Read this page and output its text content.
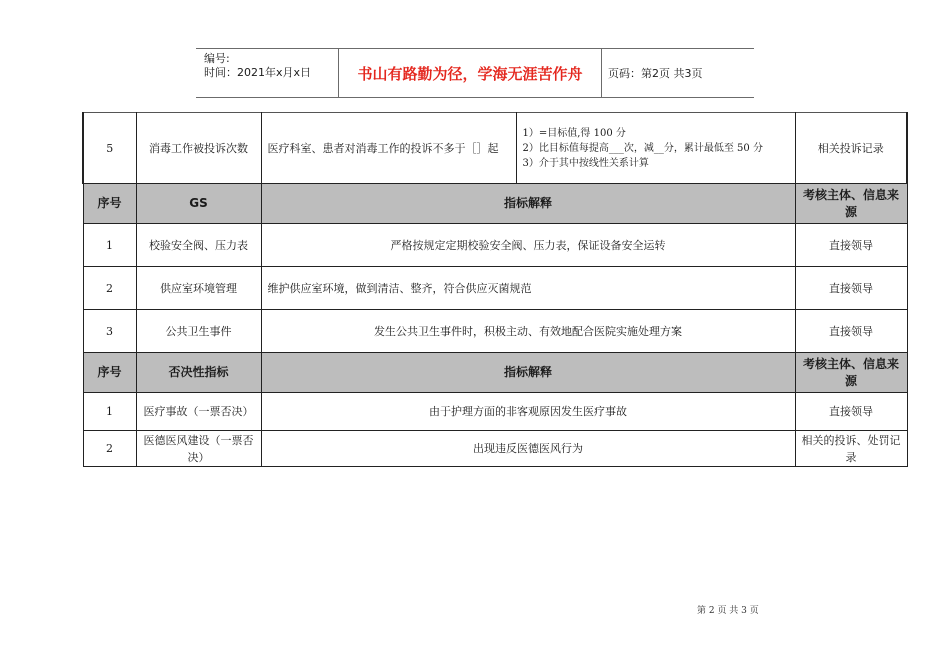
编号:
时间：2021年x月x日	书山有路勤为径，学海无涯苦作舟	页码：第2页 共3页
5	消毒工作被投诉次数	医疗科室、患者对消毒工作的投诉不多于［］起	1）=目标值,得 100 分
2）比目标值每提高___次，减__分，累计最低至 50 分
3）介于其中按线性关系计算	相关投诉记录
序号	GS	指标解释		考核主体、信息来源
1	校验安全阀、压力表	严格按规定定期校验安全阀、压力表，保证设备安全运转		直接领导
2	供应室环境管理	维护供应室环境，做到清洁、整齐，符合供应灭菌规范		直接领导
3	公共卫生事件	发生公共卫生事件时，积极主动、有效地配合医院实施处理方案		直接领导
序号	否决性指标	指标解释		考核主体、信息来源
1	医疗事故（一票否决）	由于护理方面的非客观原因发生医疗事故		直接领导
2	医德医风建设（一票否决）	出现违反医德医风行为		相关的投诉、处罚记录
第 2 页 共 3 页
